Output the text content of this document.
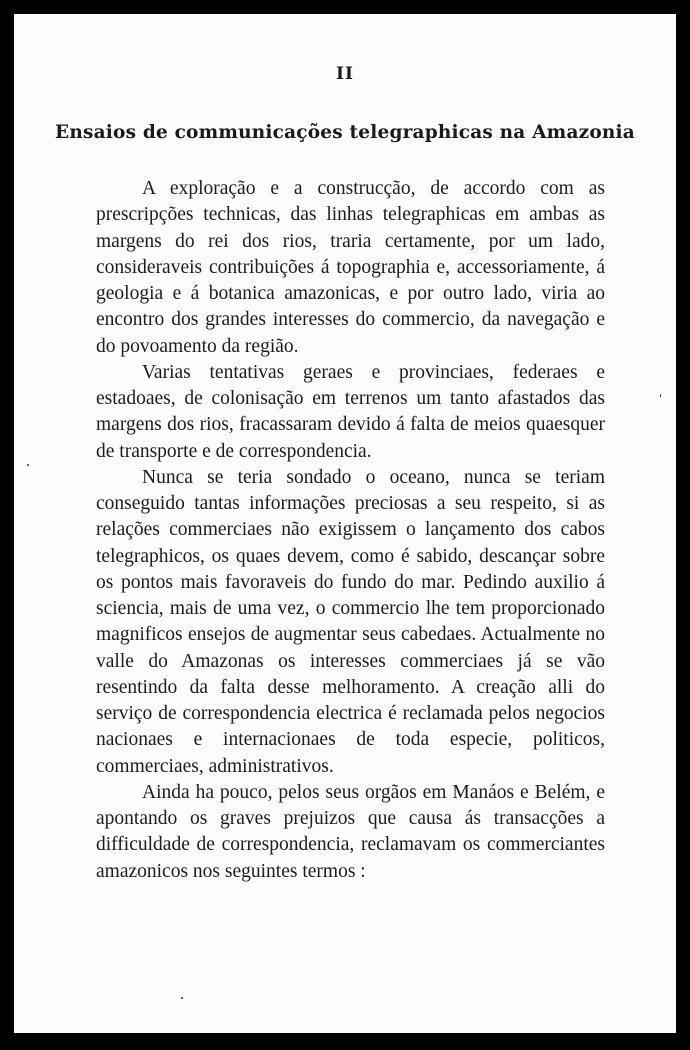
II
Ensaios de communicações telegraphicas na Amazonia

A exploração e a construcção, de accordo com as prescripções technicas, das linhas telegraphicas em ambas as margens do rei dos rios, traria certamente, por um lado, consideraveis contribuições á topographia e, accessoriamente, á geologia e á botanica amazonicas, e por outro lado, viria ao encontro dos grandes interesses do commercio, da navegação e do povoamento da região.

Varias tentativas geraes e provinciaes, federaes e estadoaes, de colonisação em terrenos um tanto afastados das margens dos rios, fracassaram devido á falta de meios quaesquer de transporte e de correspondencia.

Nunca se teria sondado o oceano, nunca se teriam conseguido tantas informações preciosas a seu respeito, si as relações commerciaes não exigissem o lançamento dos cabos telegraphicos, os quaes devem, como é sabido, descançar sobre os pontos mais favoraveis do fundo do mar. Pedindo auxilio á sciencia, mais de uma vez, o commercio lhe tem proporcionado magnificos ensejos de augmentar seus cabedaes. Actualmente no valle do Amazonas os interesses commerciaes já se vão resentindo da falta desse melhoramento. A creação alli do serviço de correspondencia electrica é reclamada pelos negocios nacionaes e internacionaes de toda especie, politicos, commerciaes, administrativos.

Ainda ha pouco, pelos seus orgãos em Manáos e Belém, e apontando os graves prejuizos que causa ás transacções a difficuldade de correspondencia, reclamavam os commerciantes amazonicos nos seguintes termos :
